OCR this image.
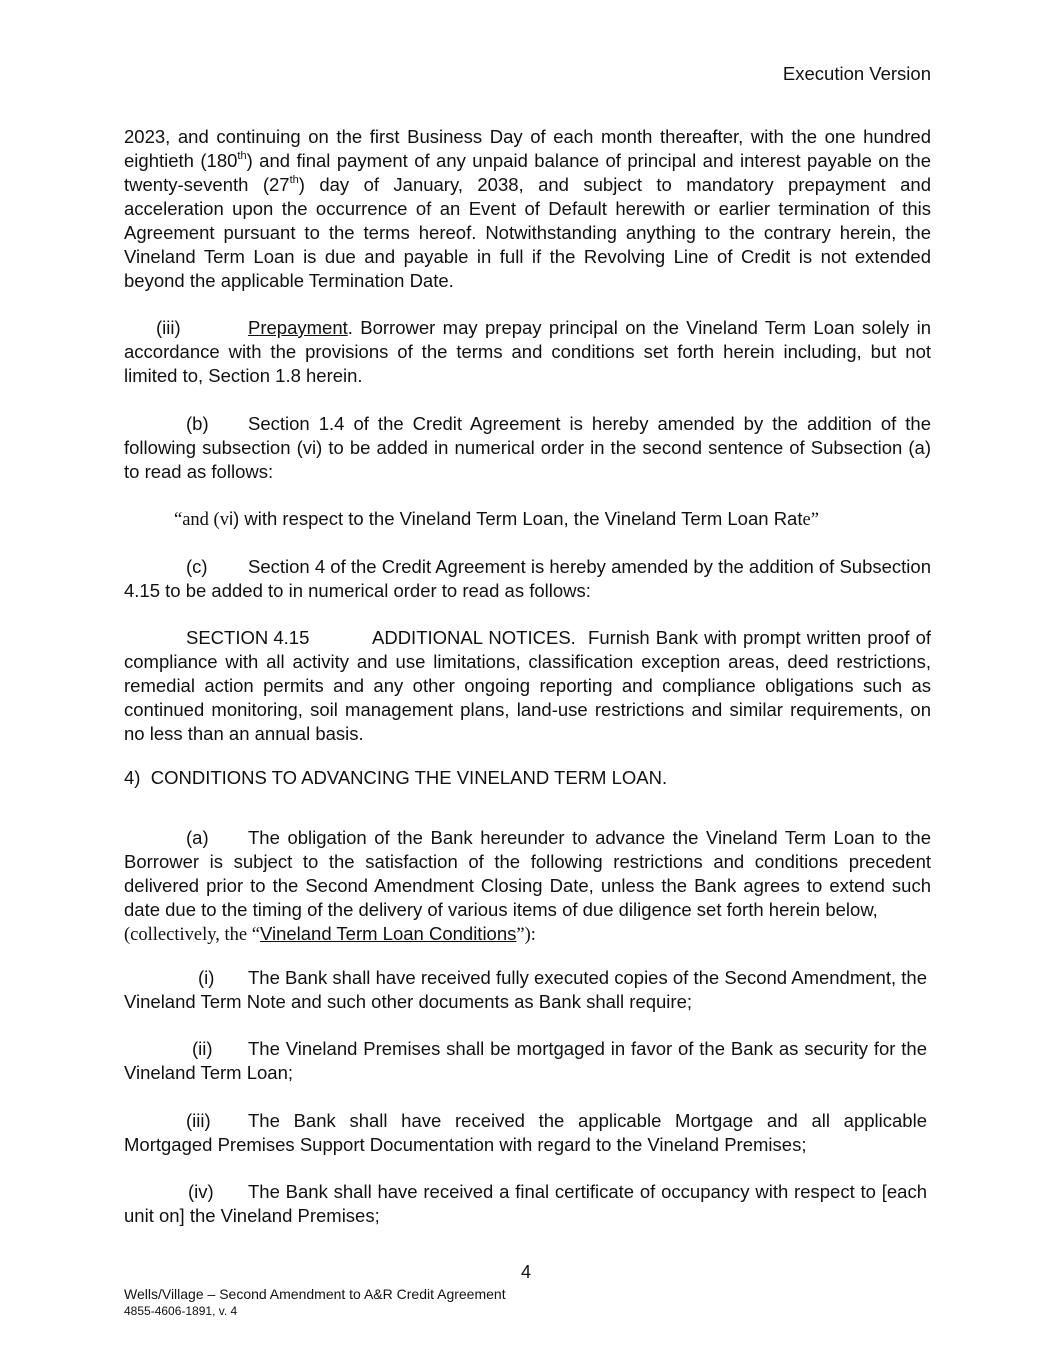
Execution Version
2023, and continuing on the first Business Day of each month thereafter, with the one hundred eightieth (180th) and final payment of any unpaid balance of principal and interest payable on the twenty-seventh (27th) day of January, 2038, and subject to mandatory prepayment and acceleration upon the occurrence of an Event of Default herewith or earlier termination of this Agreement pursuant to the terms hereof. Notwithstanding anything to the contrary herein, the Vineland Term Loan is due and payable in full if the Revolving Line of Credit is not extended beyond the applicable Termination Date.
(iii)	Prepayment. Borrower may prepay principal on the Vineland Term Loan solely in accordance with the provisions of the terms and conditions set forth herein including, but not limited to, Section 1.8 herein.
(b) Section 1.4 of the Credit Agreement is hereby amended by the addition of the following subsection (vi) to be added in numerical order in the second sentence of Subsection (a) to read as follows:
“and (vi) with respect to the Vineland Term Loan, the Vineland Term Loan Rate”
(c) Section 4 of the Credit Agreement is hereby amended by the addition of Subsection 4.15 to be added to in numerical order to read as follows:
SECTION 4.15	ADDITIONAL NOTICES. Furnish Bank with prompt written proof of compliance with all activity and use limitations, classification exception areas, deed restrictions, remedial action permits and any other ongoing reporting and compliance obligations such as continued monitoring, soil management plans, land-use restrictions and similar requirements, on no less than an annual basis.
4) CONDITIONS TO ADVANCING THE VINELAND TERM LOAN.
(a) The obligation of the Bank hereunder to advance the Vineland Term Loan to the Borrower is subject to the satisfaction of the following restrictions and conditions precedent delivered prior to the Second Amendment Closing Date, unless the Bank agrees to extend such date due to the timing of the delivery of various items of due diligence set forth herein below,
(collectively, the “Vineland Term Loan Conditions”):
(i) The Bank shall have received fully executed copies of the Second Amendment, the Vineland Term Note and such other documents as Bank shall require;
(ii) The Vineland Premises shall be mortgaged in favor of the Bank as security for the Vineland Term Loan;
(iii) The Bank shall have received the applicable Mortgage and all applicable Mortgaged Premises Support Documentation with regard to the Vineland Premises;
(iv) The Bank shall have received a final certificate of occupancy with respect to [each unit on] the Vineland Premises;
4
Wells/Village – Second Amendment to A&R Credit Agreement
4855-4606-1891, v. 4
